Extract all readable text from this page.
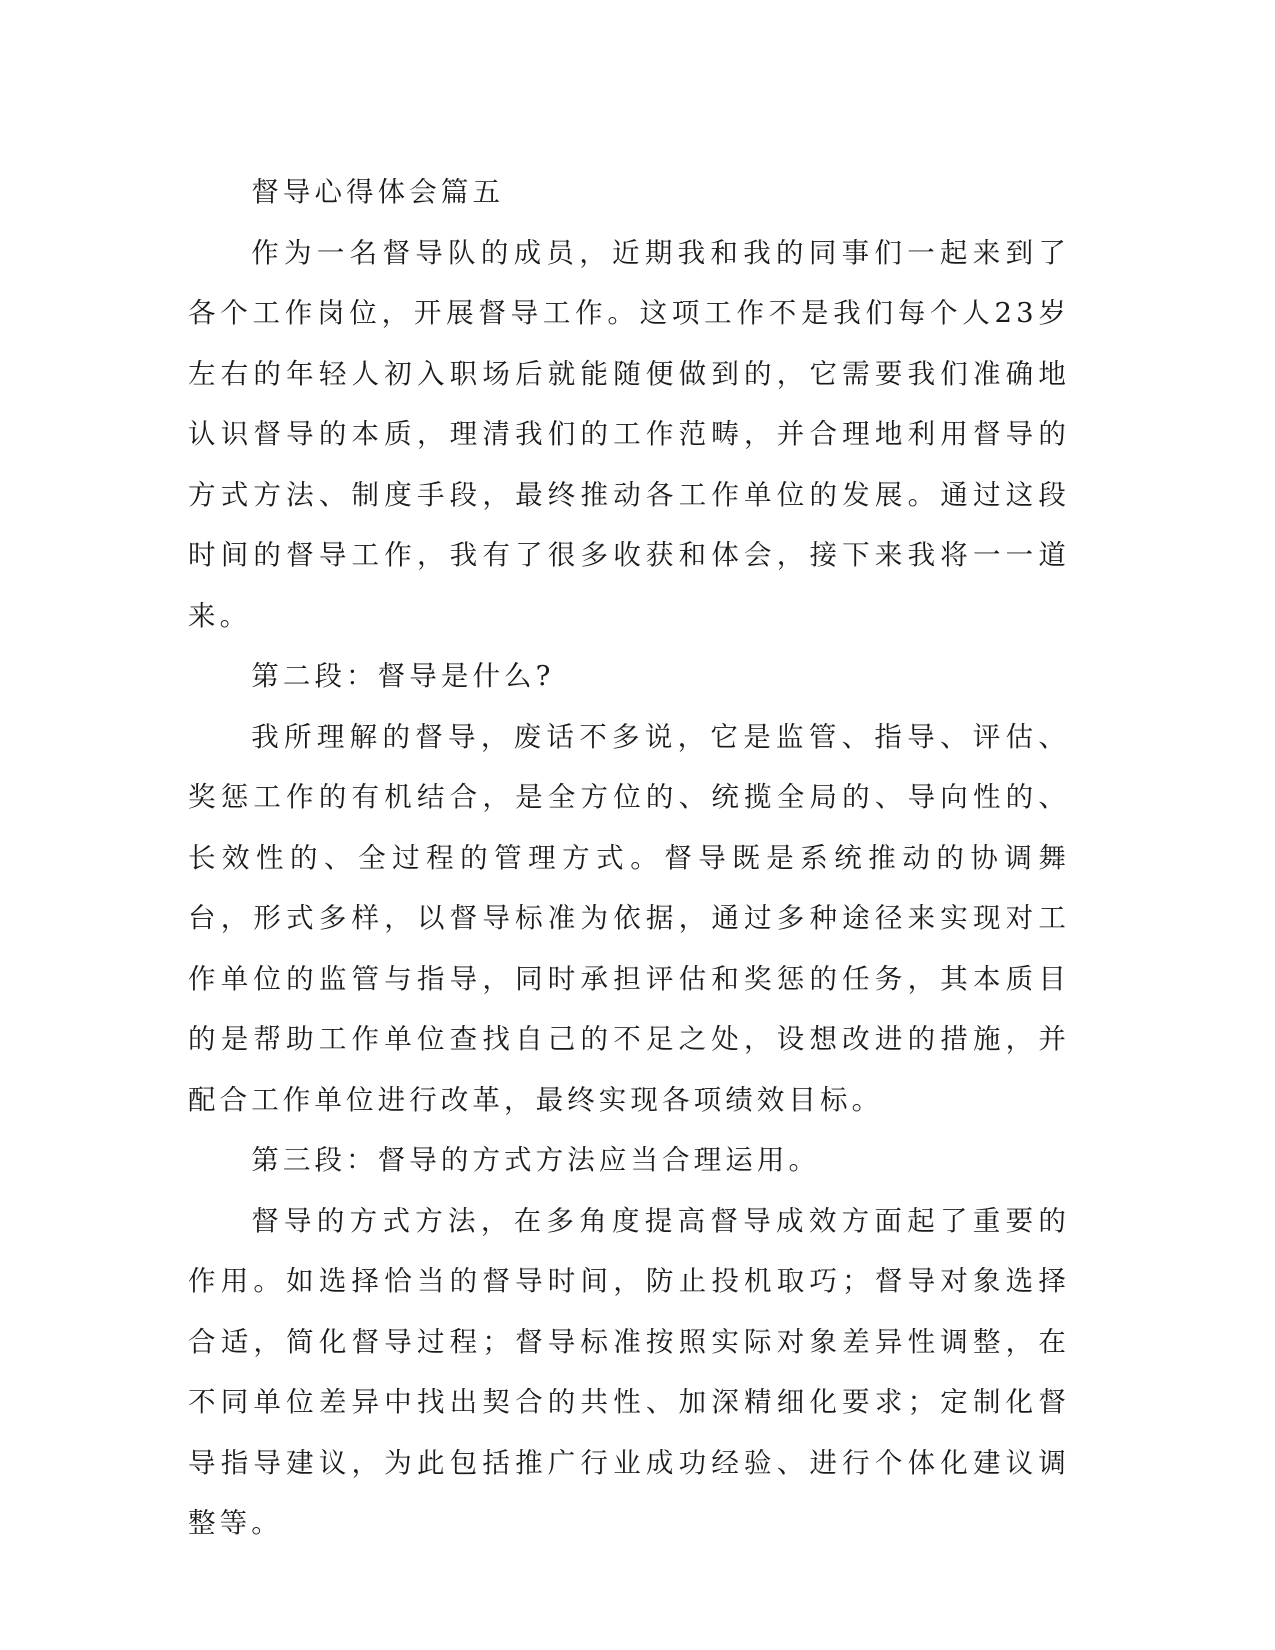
督导心得体会篇五

作为一名督导队的成员，近期我和我的同事们一起来到了各个工作岗位，开展督导工作。这项工作不是我们每个人23岁左右的年轻人初入职场后就能随便做到的，它需要我们准确地认识督导的本质，理清我们的工作范畴，并合理地利用督导的方式方法、制度手段，最终推动各工作单位的发展。通过这段时间的督导工作，我有了很多收获和体会，接下来我将一一道来。

第二段：督导是什么?

我所理解的督导，废话不多说，它是监管、指导、评估、奖惩工作的有机结合，是全方位的、统揽全局的、导向性的、长效性的、全过程的管理方式。督导既是系统推动的协调舞台，形式多样，以督导标准为依据，通过多种途径来实现对工作单位的监管与指导，同时承担评估和奖惩的任务，其本质目的是帮助工作单位查找自己的不足之处，设想改进的措施，并配合工作单位进行改革，最终实现各项绩效目标。

第三段：督导的方式方法应当合理运用。

督导的方式方法，在多角度提高督导成效方面起了重要的作用。如选择恰当的督导时间，防止投机取巧；督导对象选择合适，简化督导过程；督导标准按照实际对象差异性调整，在不同单位差异中找出契合的共性、加深精细化要求；定制化督导指导建议，为此包括推广行业成功经验、进行个体化建议调整等。
